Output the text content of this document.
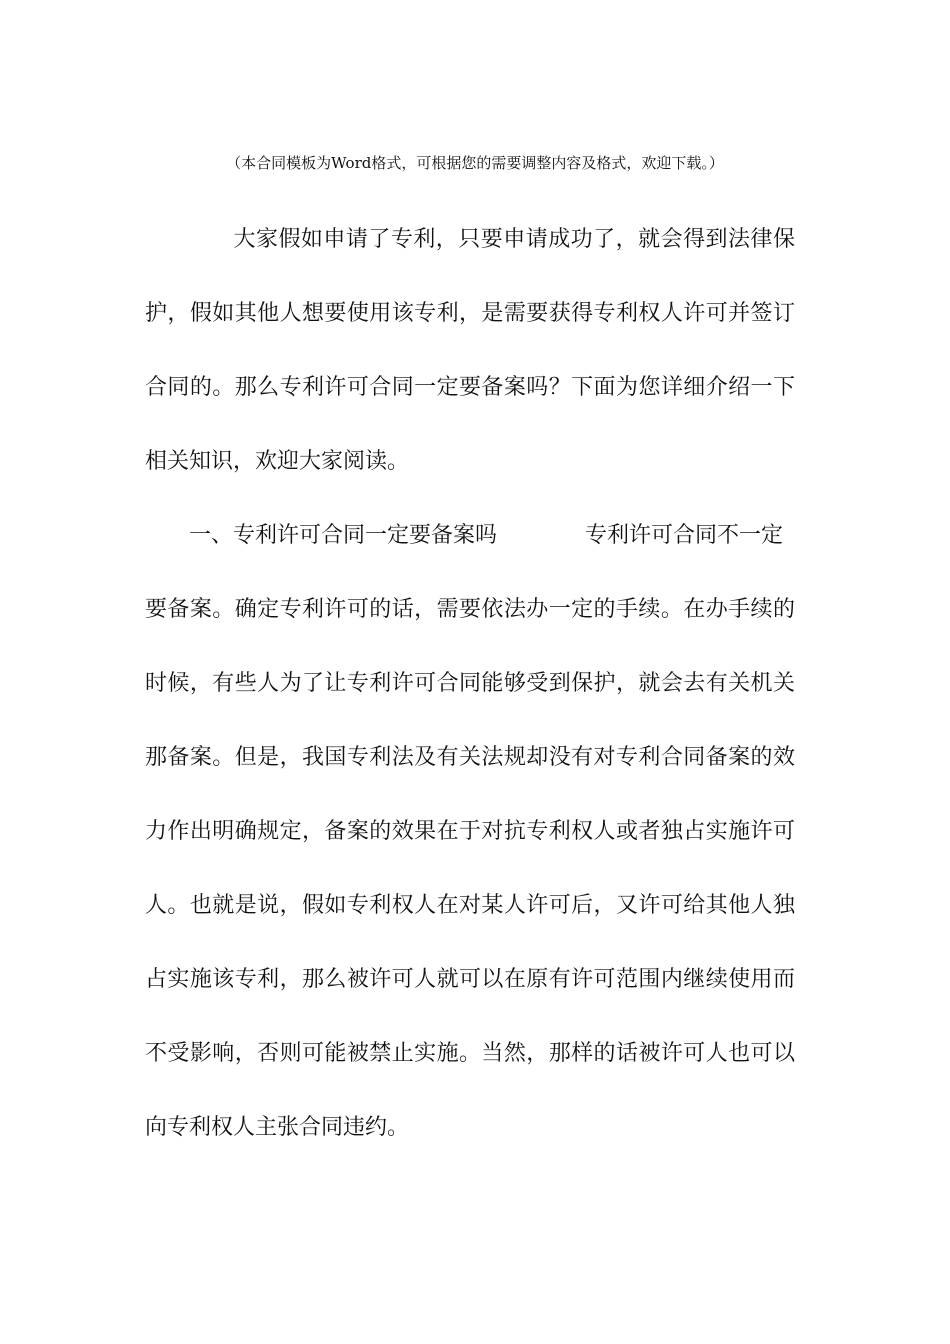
（本合同模板为Word格式，可根据您的需要调整内容及格式，欢迎下载。）
大家假如申请了专利，只要申请成功了，就会得到法律保
护，假如其他人想要使用该专利，是需要获得专利权人许可并签订
合同的。那么专利许可合同一定要备案吗？下面为您详细介绍一下
相关知识，欢迎大家阅读。
一、专利许可合同一定要备案吗	专利许可合同不一定
要备案。确定专利许可的话，需要依法办一定的手续。在办手续的
时候，有些人为了让专利许可合同能够受到保护，就会去有关机关
那备案。但是，我国专利法及有关法规却没有对专利合同备案的效
力作出明确规定，备案的效果在于对抗专利权人或者独占实施许可
人。也就是说，假如专利权人在对某人许可后，又许可给其他人独
占实施该专利，那么被许可人就可以在原有许可范围内继续使用而
不受影响，否则可能被禁止实施。当然，那样的话被许可人也可以
向专利权人主张合同违约。
